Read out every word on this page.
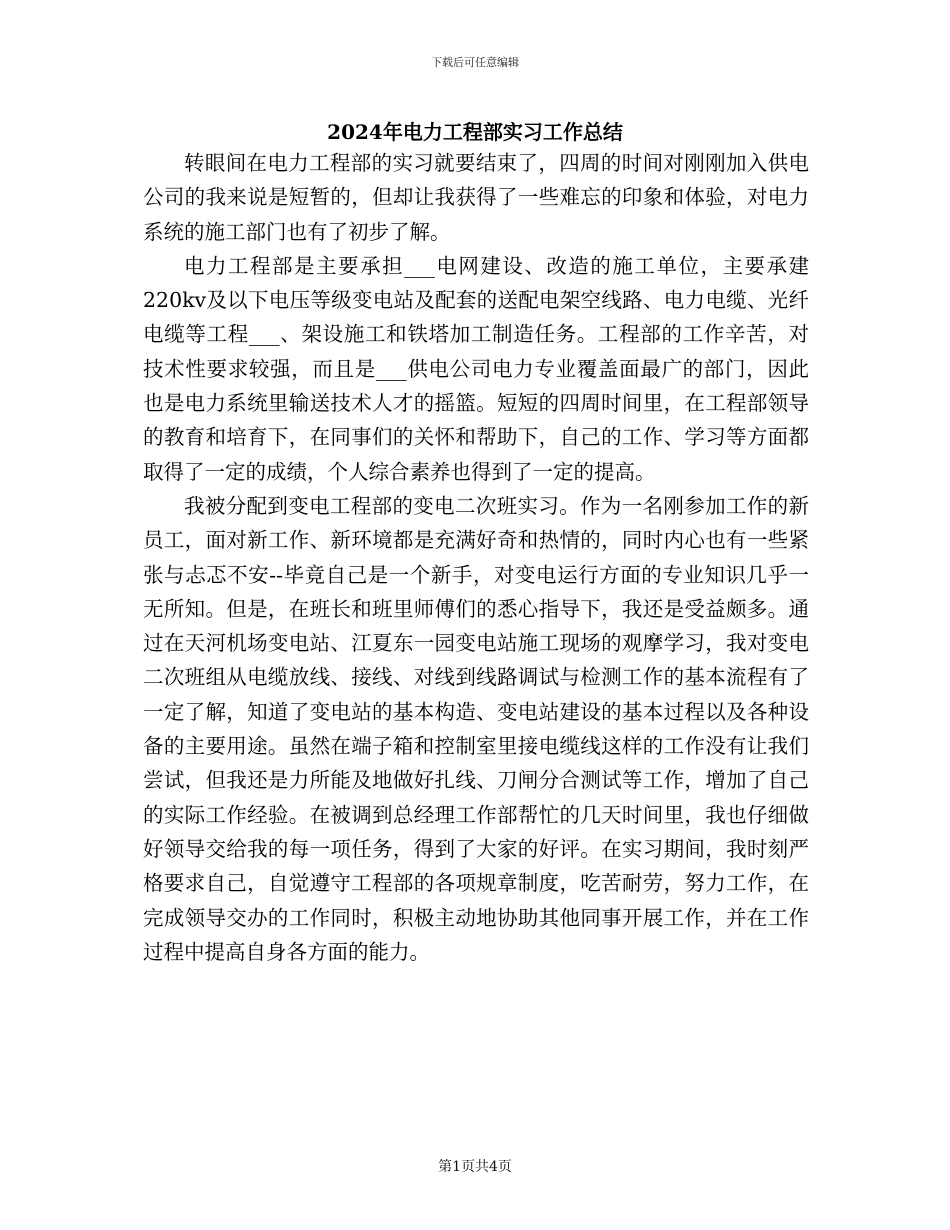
下载后可任意编辑
2024年电力工程部实习工作总结

转眼间在电力工程部的实习就要结束了，四周的时间对刚刚加入供电公司的我来说是短暂的，但却让我获得了一些难忘的印象和体验，对电力系统的施工部门也有了初步了解。

电力工程部是主要承担___电网建设、改造的施工单位，主要承建220kv及以下电压等级变电站及配套的送配电架空线路、电力电缆、光纤电缆等工程___、架设施工和铁塔加工制造任务。工程部的工作辛苦，对技术性要求较强，而且是___供电公司电力专业覆盖面最广的部门，因此也是电力系统里输送技术人才的摇篮。短短的四周时间里，在工程部领导的教育和培育下，在同事们的关怀和帮助下，自己的工作、学习等方面都取得了一定的成绩，个人综合素养也得到了一定的提高。

我被分配到变电工程部的变电二次班实习。作为一名刚参加工作的新员工，面对新工作、新环境都是充满好奇和热情的，同时内心也有一些紧张与忐忑不安--毕竟自己是一个新手，对变电运行方面的专业知识几乎一无所知。但是，在班长和班里师傅们的悉心指导下，我还是受益颇多。通过在天河机场变电站、江夏东一园变电站施工现场的观摩学习，我对变电二次班组从电缆放线、接线、对线到线路调试与检测工作的基本流程有了一定了解，知道了变电站的基本构造、变电站建设的基本过程以及各种设备的主要用途。虽然在端子箱和控制室里接电缆线这样的工作没有让我们尝试，但我还是力所能及地做好扎线、刀闸分合测试等工作，增加了自己的实际工作经验。在被调到总经理工作部帮忙的几天时间里，我也仔细做好领导交给我的每一项任务，得到了大家的好评。在实习期间，我时刻严格要求自己，自觉遵守工程部的各项规章制度，吃苦耐劳，努力工作，在完成领导交办的工作同时，积极主动地协助其他同事开展工作，并在工作过程中提高自身各方面的能力。

第1页共4页
